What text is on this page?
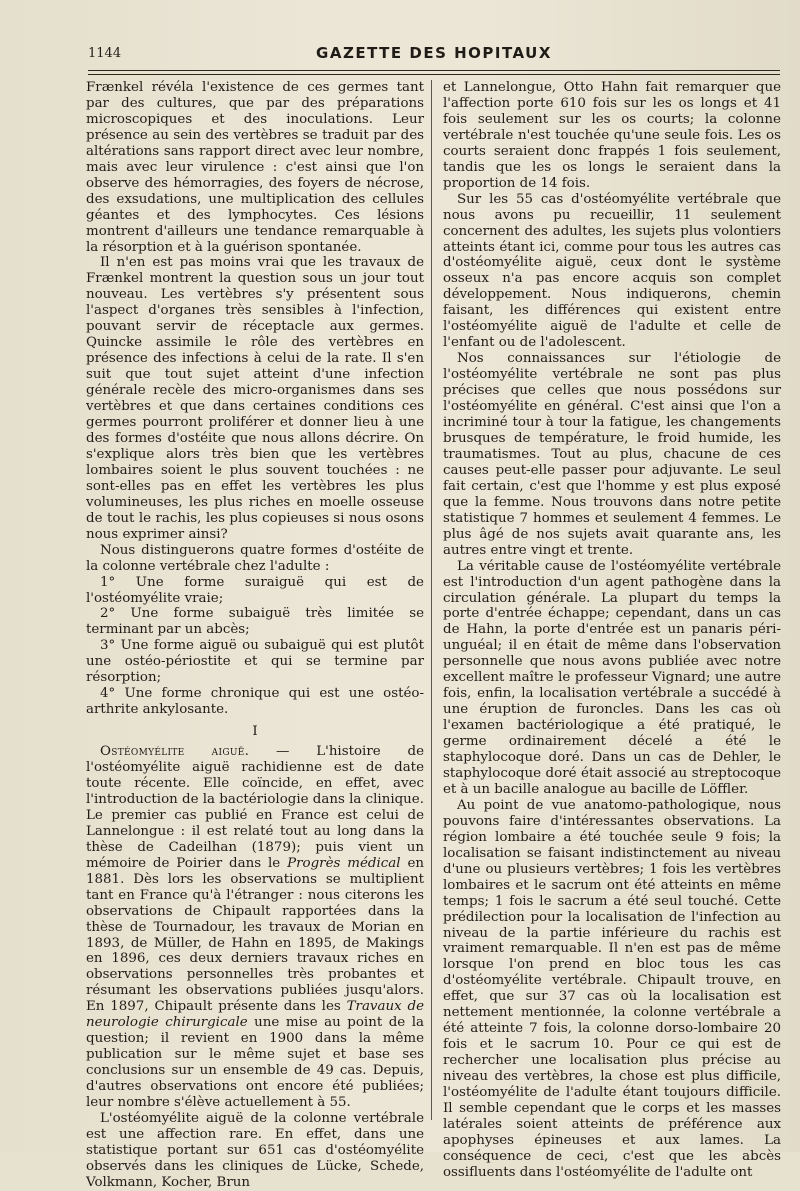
1144	GAZETTE DES HOPITAUX

Frænkel révéla l'existence de ces germes tant par des cultures, que par des préparations microscopiques et des inoculations. Leur présence au sein des vertèbres se traduit par des altérations sans rapport direct avec leur nombre, mais avec leur virulence : c'est ainsi que l'on observe des hémorragies, des foyers de nécrose, des exsudations, une multiplication des cellules géantes et des lymphocytes. Ces lésions montrent d'ailleurs une tendance remarquable à la résorption et à la guérison spontanée.

Il n'en est pas moins vrai que les travaux de Frænkel montrent la question sous un jour tout nouveau. Les vertèbres s'y présentent sous l'aspect d'organes très sensibles à l'infection, pouvant servir de réceptacle aux germes. Quincke assimile le rôle des vertèbres en présence des infections à celui de la rate. Il s'en suit que tout sujet atteint d'une infection générale recèle des micro-organismes dans ses vertèbres et que dans certaines conditions ces germes pourront proliférer et donner lieu à une des formes d'ostéite que nous allons décrire. On s'explique alors très bien que les vertèbres lombaires soient le plus souvent touchées : ne sont-elles pas en effet les vertèbres les plus volumineuses, les plus riches en moelle osseuse de tout le rachis, les plus copieuses si nous osons nous exprimer ainsi?

Nous distinguerons quatre formes d'ostéite de la colonne vertébrale chez l'adulte :

1° Une forme suraiguë qui est de l'ostéomyélite vraie;

2° Une forme subaiguë très limitée se terminant par un abcès;

3° Une forme aiguë ou subaiguë qui est plutôt une ostéo-périostite et qui se termine par résorption;

4° Une forme chronique qui est une ostéo-arthrite ankylosante.

I

Ostéomyélite aiguë. — L'histoire de l'ostéomyélite aiguë rachidienne est de date toute récente. Elle coïncide, en effet, avec l'introduction de la bactériologie dans la clinique. Le premier cas publié en France est celui de Lannelongue : il est relaté tout au long dans la thèse de Cadeilhan (1879); puis vient un mémoire de Poirier dans le Progrès médical en 1881. Dès lors les observations se multiplient tant en France qu'à l'étranger : nous citerons les observations de Chipault rapportées dans la thèse de Tournadour, les travaux de Morian en 1893, de Müller, de Hahn en 1895, de Makings en 1896, ces deux derniers travaux riches en observations personnelles très probantes et résumant les observations publiées jusqu'alors. En 1897, Chipault présente dans les Travaux de neurologie chirurgicale une mise au point de la question; il revient en 1900 dans la même publication sur le même sujet et base ses conclusions sur un ensemble de 49 cas. Depuis, d'autres observations ont encore été publiées; leur nombre s'élève actuellement à 55.

L'ostéomyélite aiguë de la colonne vertébrale est une affection rare. En effet, dans une statistique portant sur 651 cas d'ostéomyélite observés dans les cliniques de Lücke, Schede, Volkmann, Kocher, Brun

et Lannelongue, Otto Hahn fait remarquer que l'affection porte 610 fois sur les os longs et 41 fois seulement sur les os courts; la colonne vertébrale n'est touchée qu'une seule fois. Les os courts seraient donc frappés 1 fois seulement, tandis que les os longs le seraient dans la proportion de 14 fois.

Sur les 55 cas d'ostéomyélite vertébrale que nous avons pu recueillir, 11 seulement concernent des adultes, les sujets plus volontiers atteints étant ici, comme pour tous les autres cas d'ostéomyélite aiguë, ceux dont le système osseux n'a pas encore acquis son complet développement. Nous indiquerons, chemin faisant, les différences qui existent entre l'ostéomyélite aiguë de l'adulte et celle de l'enfant ou de l'adolescent.

Nos connaissances sur l'étiologie de l'ostéomyélite vertébrale ne sont pas plus précises que celles que nous possédons sur l'ostéomyélite en général. C'est ainsi que l'on a incriminé tour à tour la fatigue, les changements brusques de température, le froid humide, les traumatismes. Tout au plus, chacune de ces causes peut-elle passer pour adjuvante. Le seul fait certain, c'est que l'homme y est plus exposé que la femme. Nous trouvons dans notre petite statistique 7 hommes et seulement 4 femmes. Le plus âgé de nos sujets avait quarante ans, les autres entre vingt et trente.

La véritable cause de l'ostéomyélite vertébrale est l'introduction d'un agent pathogène dans la circulation générale. La plupart du temps la porte d'entrée échappe; cependant, dans un cas de Hahn, la porte d'entrée est un panaris péri-unguéal; il en était de même dans l'observation personnelle que nous avons publiée avec notre excellent maître le professeur Vignard; une autre fois, enfin, la localisation vertébrale a succédé à une éruption de furoncles. Dans les cas où l'examen bactériologique a été pratiqué, le germe ordinairement décelé a été le staphylocoque doré. Dans un cas de Dehler, le staphylocoque doré était associé au streptocoque et à un bacille analogue au bacille de Löffler.

Au point de vue anatomo-pathologique, nous pouvons faire d'intéressantes observations. La région lombaire a été touchée seule 9 fois; la localisation se faisant indistinctement au niveau d'une ou plusieurs vertèbres; 1 fois les vertèbres lombaires et le sacrum ont été atteints en même temps; 1 fois le sacrum a été seul touché. Cette prédilection pour la localisation de l'infection au niveau de la partie inférieure du rachis est vraiment remarquable. Il n'en est pas de même lorsque l'on prend en bloc tous les cas d'ostéomyélite vertébrale. Chipault trouve, en effet, que sur 37 cas où la localisation est nettement mentionnée, la colonne vertébrale a été atteinte 7 fois, la colonne dorso-lombaire 20 fois et le sacrum 10. Pour ce qui est de rechercher une localisation plus précise au niveau des vertèbres, la chose est plus difficile, l'ostéomyélite de l'adulte étant toujours difficile. Il semble cependant que le corps et les masses latérales soient atteints de préférence aux apophyses épineuses et aux lames. La conséquence de ceci, c'est que les abcès ossifluents dans l'ostéomyélite de l'adulte ont
